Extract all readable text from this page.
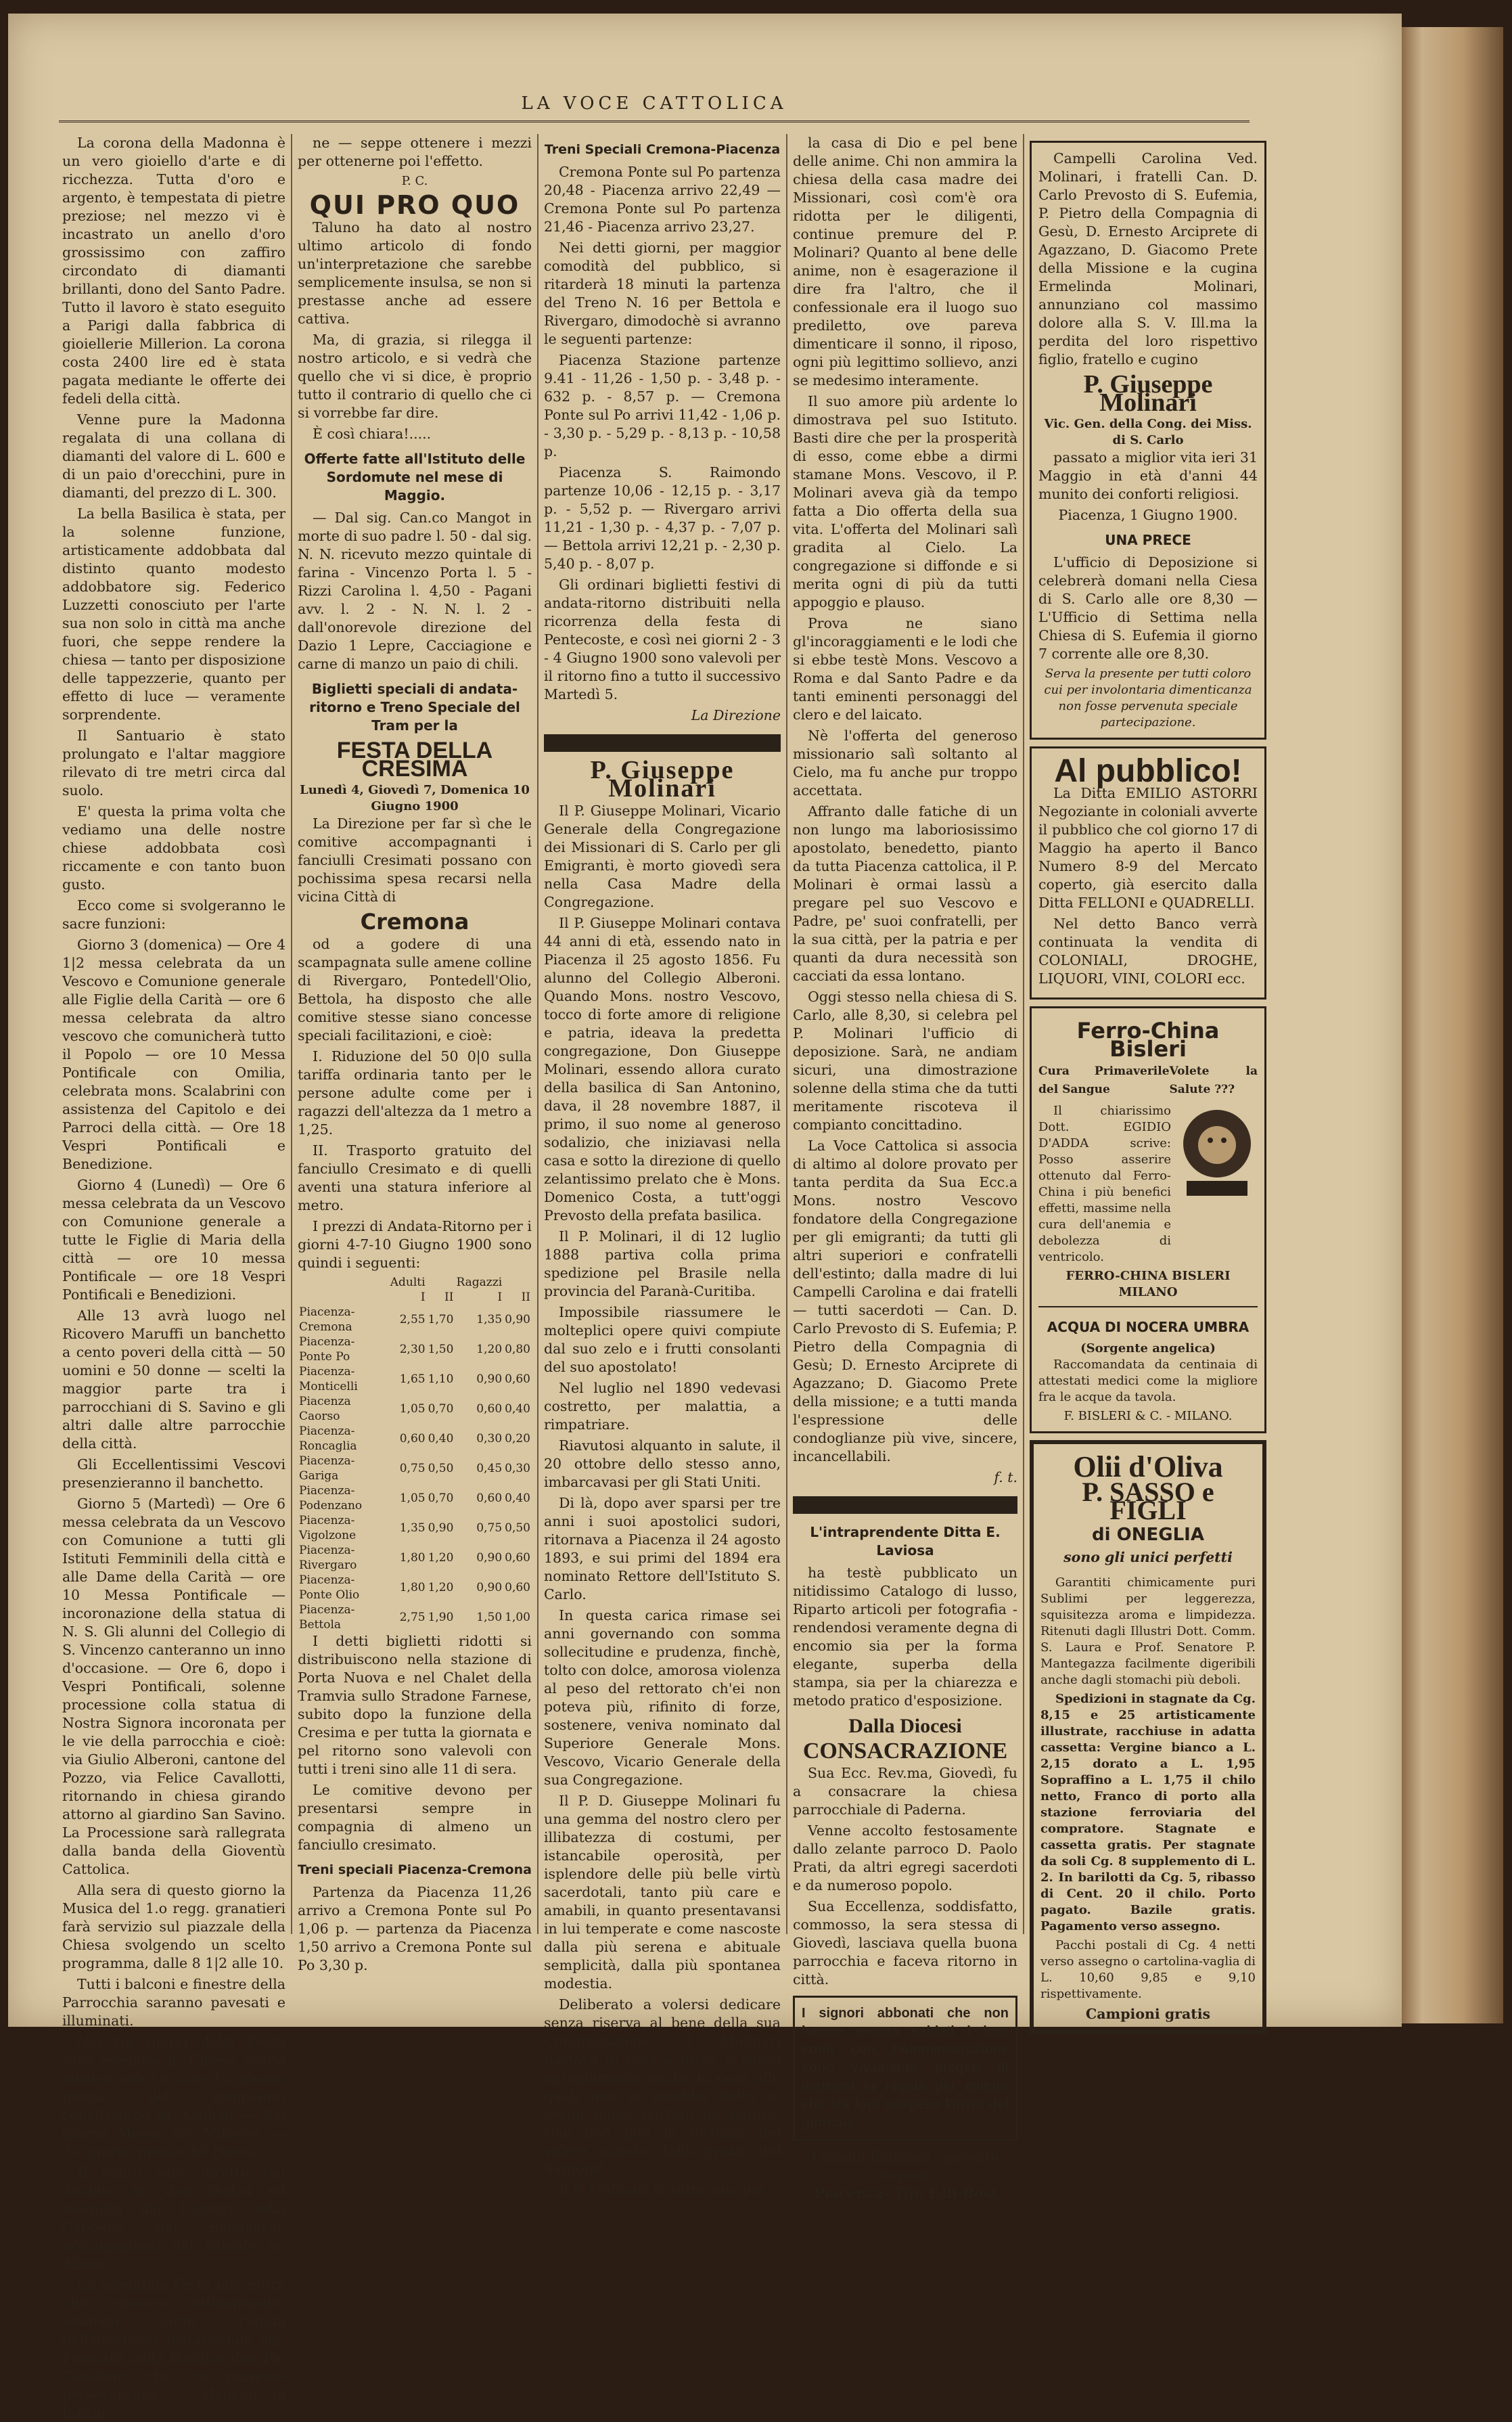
LA VOCE CATTOLICA

La corona della Madonna è un vero gioiello d'arte e di ricchezza. Tutta d'oro e argento, è tempestata di pietre preziose; nel mezzo vi è incastrato un anello d'oro grossissimo con zaffiro circondato di diamanti brillanti, dono del Santo Padre. Tutto il lavoro è stato eseguito a Parigi dalla fabbrica di gioiellerie Millerion. La corona costa 2400 lire ed è stata pagata mediante le offerte dei fedeli della città.

Venne pure la Madonna regalata di una collana di diamanti del valore di L. 600 e di un paio d'orecchini, pure in diamanti, del prezzo di L. 300.

La bella Basilica è stata, per la solenne funzione, artisticamente addobbata dal distinto quanto modesto addobbatore sig. Federico Luzzetti conosciuto per l'arte sua non solo in città ma anche fuori, che seppe rendere la chiesa — tanto per disposizione delle tappezzerie, quanto per effetto di luce — veramente sorprendente.

Il Santuario è stato prolungato e l'altar maggiore rilevato di tre metri circa dal suolo.

E' questa la prima volta che vediamo una delle nostre chiese addobbata così riccamente e con tanto buon gusto.

Ecco come si svolgeranno le sacre funzioni:

Giorno 3 (domenica) — Ore 4 1|2 messa celebrata da un Vescovo e Comunione generale alle Figlie della Carità — ore 6 messa celebrata da altro vescovo che comunicherà tutto il Popolo — ore 10 Messa Pontificale con Omilia, celebrata mons. Scalabrini con assistenza del Capitolo e dei Parroci della città. — Ore 18 Vespri Pontificali e Benedizione.

Giorno 4 (Lunedì) — Ore 6 messa celebrata da un Vescovo con Comunione generale a tutte le Figlie di Maria della città — ore 10 messa Pontificale — ore 18 Vespri Pontificali e Benedizioni.

Alle 13 avrà luogo nel Ricovero Maruffi un banchetto a cento poveri della città — 50 uomini e 50 donne — scelti la maggior parte tra i parrocchiani di S. Savino e gli altri dalle altre parrocchie della città.

Gli Eccellentissimi Vescovi presenzieranno il banchetto.

Giorno 5 (Martedì) — Ore 6 messa celebrata da un Vescovo con Comunione a tutti gli Istituti Femminili della città e alle Dame della Carità — ore 10 Messa Pontificale — incoronazione della statua di N. S. Gli alunni del Collegio di S. Vincenzo canteranno un inno d'occasione. — Ore 6, dopo i Vespri Pontificali, solenne processione colla statua di Nostra Signora incoronata per le vie della parrocchia e cioè: via Giulio Alberoni, cantone del Pozzo, via Felice Cavallotti, ritornando in chiesa girando attorno al giardino San Savino. La Processione sarà rallegrata dalla banda della Gioventù Cattolica.

Alla sera di questo giorno la Musica del 1.o regg. granatieri farà servizio sul piazzale della Chiesa svolgendo un scelto programma, dalle 8 1|2 alle 10.

Tutti i balconi e finestre della Parrocchia saranno pavesati e illuminati.

Nei tre giorni della Festa sarà eseguita in Chiesa scelta musica sacra e cioè: 1.o giorno messa del compianto concittadino m. Galloni — 2.o giorno Messa del Mitterer — 3.o giorno messa del Perosi.

Il canto sarà diretto dal distinto m. don Dodici ed eseguito dai Cantori della Cappella del Seminario, accompagnati dal valente m. Albasi.

La splendida Festa non potrà che riuscire ottimamente, essendo sotto l'egida dell'indefesso instancabile sig. Prevosto della Basilica don Pio Cassinari, che, con paziente perseveranza — ideando la funzio-

ne — seppe ottenere i mezzi per ottenerne poi l'effetto.

P. C.
QUI PRO QUO

Taluno ha dato al nostro ultimo articolo di fondo un'interpretazione che sarebbe semplicemente insulsa, se non si prestasse anche ad essere cattiva.

Ma, di grazia, si rilegga il nostro articolo, e si vedrà che quello che vi si dice, è proprio tutto il contrario di quello che ci si vorrebbe far dire.

È così chiara!.....

Offerte fatte all'Istituto delle Sordomute nel mese di Maggio.

— Dal sig. Can.co Mangot in morte di suo padre l. 50 - dal sig. N. N. ricevuto mezzo quintale di farina - Vincenzo Porta l. 5 - Rizzi Carolina l. 4,50 - Pagani avv. l. 2 - N. N. l. 2 - dall'onorevole direzione del Dazio 1 Lepre, Cacciagione e carne di manzo un paio di chili.

Biglietti speciali di andata-ritorno e Treno Speciale del Tram per la
FESTA DELLA CRESIMA
Lunedì 4, Giovedì 7, Domenica 10 Giugno 1900

La Direzione per far sì che le comitive accompagnanti i fanciulli Cresimati possano con pochissima spesa recarsi nella vicina Città di

Cremona

od a godere di una scampagnata sulle amene colline di Rivergaro, Pontedell'Olio, Bettola, ha disposto che alle comitive stesse siano concesse speciali facilitazioni, e cioè:

I. Riduzione del 50 0|0 sulla tariffa ordinaria tanto per le persone adulte come per i ragazzi dell'altezza da 1 metro a 1,25.

II. Trasporto gratuito del fanciullo Cresimato e di quelli aventi una statura inferiore al metro.

I prezzi di Andata-Ritorno per i giorni 4-7-10 Giugno 1900 sono quindi i seguenti:

	Adulti		Ragazzi	
	I	II	I	II
Piacenza-Cremona	2,55	1,70	1,35	0,90
Piacenza-Ponte Po	2,30	1,50	1,20	0,80
Piacenza-Monticelli	1,65	1,10	0,90	0,60
Piacenza Caorso	1,05	0,70	0,60	0,40
Piacenza-Roncaglia	0,60	0,40	0,30	0,20
Piacenza-Gariga	0,75	0,50	0,45	0,30
Piacenza-Podenzano	1,05	0,70	0,60	0,40
Piacenza-Vigolzone	1,35	0,90	0,75	0,50
Piacenza-Rivergaro	1,80	1,20	0,90	0,60
Piacenza-Ponte Olio	1,80	1,20	0,90	0,60
Piacenza-Bettola	2,75	1,90	1,50	1,00

I detti biglietti ridotti si distribuiscono nella stazione di Porta Nuova e nel Chalet della Tramvia sullo Stradone Farnese, subito dopo la funzione della Cresima e per tutta la giornata e pel ritorno sono valevoli con tutti i treni sino alle 11 di sera.

Le comitive devono per presentarsi sempre in compagnia di almeno un fanciullo cresimato.

Treni speciali Piacenza-Cremona

Partenza da Piacenza 11,26 arrivo a Cremona Ponte sul Po 1,06 p. — partenza da Piacenza 1,50 arrivo a Cremona Ponte sul Po 3,30 p.

Treni Speciali Cremona-Piacenza

Cremona Ponte sul Po partenza 20,48 - Piacenza arrivo 22,49 — Cremona Ponte sul Po partenza 21,46 - Piacenza arrivo 23,27.

Nei detti giorni, per maggior comodità del pubblico, si ritarderà 18 minuti la partenza del Treno N. 16 per Bettola e Rivergaro, dimodochè si avranno le seguenti partenze:

Piacenza Stazione partenze 9.41 - 11,26 - 1,50 p. - 3,48 p. - 632 p. - 8,57 p. — Cremona Ponte sul Po arrivi 11,42 - 1,06 p. - 3,30 p. - 5,29 p. - 8,13 p. - 10,58 p.

Piacenza S. Raimondo partenze 10,06 - 12,15 p. - 3,17 p. - 5,52 p. — Rivergaro arrivi 11,21 - 1,30 p. - 4,37 p. - 7,07 p. — Bettola arrivi 12,21 p. - 2,30 p. 5,40 p. - 8,07 p.

Gli ordinari biglietti festivi di andata-ritorno distribuiti nella ricorrenza della festa di Pentecoste, e così nei giorni 2 - 3 - 4 Giugno 1900 sono valevoli per il ritorno fino a tutto il successivo Martedì 5.

La Direzione
P. Giuseppe Molinari

Il P. Giuseppe Molinari, Vicario Generale della Congregazione dei Missionari di S. Carlo per gli Emigranti, è morto giovedì sera nella Casa Madre della Congregazione.

Il P. Giuseppe Molinari contava 44 anni di età, essendo nato in Piacenza il 25 agosto 1856. Fu alunno del Collegio Alberoni. Quando Mons. nostro Vescovo, tocco di forte amore di religione e patria, ideava la predetta congregazione, Don Giuseppe Molinari, essendo allora curato della basilica di San Antonino, dava, il 28 novembre 1887, il primo, il suo nome al generoso sodalizio, che iniziavasi nella casa e sotto la direzione di quello zelantissimo prelato che è Mons. Domenico Costa, a tutt'oggi Prevosto della prefata basilica.

Il P. Molinari, il di 12 luglio 1888 partiva colla prima spedizione pel Brasile nella provincia del Paranà-Curitiba.

Impossibile riassumere le molteplici opere quivi compiute dal suo zelo e i frutti consolanti del suo apostolato!

Nel luglio nel 1890 vedevasi costretto, per malattia, a rimpatriare.

Riavutosi alquanto in salute, il 20 ottobre dello stesso anno, imbarcavasi per gli Stati Uniti.

Di là, dopo aver sparsi per tre anni i suoi apostolici sudori, ritornava a Piacenza il 24 agosto 1893, e sui primi del 1894 era nominato Rettore dell'Istituto S. Carlo.

In questa carica rimase sei anni governando con somma sollecitudine e prudenza, finchè, tolto con dolce, amorosa violenza al peso del rettorato ch'ei non poteva più, rifinito di forze, sostenere, veniva nominato dal Superiore Generale Mons. Vescovo, Vicario Generale della sua Congregazione.

Il P. D. Giuseppe Molinari fu una gemma del nostro clero per illibatezza di costumi, per istancabile operosità, per isplendore delle più belle virtù sacerdotali, tanto più care e amabili, in quanto presentavansi in lui temperate e come nascoste dalla più serena e abituale semplicità, dalla più spontanea modestia.

Deliberato a volersi dedicare senza riserva al bene della sua Congregazione, il Molinari bastava in essa a tutto, e riuscì egregiamente anche in cose alle quali non si sarebbe detto in verun modo portato da natura. Che non può la fortezza del volere aiutato dalla grazia del Signore!

Il P. Molinari fu tutto zelo per

la casa di Dio e pel bene delle anime. Chi non ammira la chiesa della casa madre dei Missionari, così com'è ora ridotta per le diligenti, continue premure del P. Molinari? Quanto al bene delle anime, non è esagerazione il dire fra l'altro, che il confessionale era il luogo suo prediletto, ove pareva dimenticare il sonno, il riposo, ogni più legittimo sollievo, anzi se medesimo interamente.

Il suo amore più ardente lo dimostrava pel suo Istituto. Basti dire che per la prosperità di esso, come ebbe a dirmi stamane Mons. Vescovo, il P. Molinari aveva già da tempo fatta a Dio offerta della sua vita. L'offerta del Molinari salì gradita al Cielo. La congregazione si diffonde e si merita ogni di più da tutti appoggio e plauso.

Prova ne siano gl'incoraggiamenti e le lodi che si ebbe testè Mons. Vescovo a Roma e dal Santo Padre e da tanti eminenti personaggi del clero e del laicato.

Nè l'offerta del generoso missionario salì soltanto al Cielo, ma fu anche pur troppo accettata.

Affranto dalle fatiche di un non lungo ma laboriosissimo apostolato, benedetto, pianto da tutta Piacenza cattolica, il P. Molinari è ormai lassù a pregare pel suo Vescovo e Padre, pe' suoi confratelli, per la sua città, per la patria e per quanti da dura necessità son cacciati da essa lontano.

Oggi stesso nella chiesa di S. Carlo, alle 8,30, si celebra pel P. Molinari l'ufficio di deposizione. Sarà, ne andiam sicuri, una dimostrazione solenne della stima che da tutti meritamente riscoteva il compianto concittadino.

La Voce Cattolica si associa di altimo al dolore provato per tanta perdita da Sua Ecc.a Mons. nostro Vescovo fondatore della Congregazione per gli emigranti; da tutti gli altri superiori e confratelli dell'estinto; dalla madre di lui Campelli Carolina e dai fratelli — tutti sacerdoti — Can. D. Carlo Prevosto di S. Eufemia; P. Pietro della Compagnia di Gesù; D. Ernesto Arciprete di Agazzano; D. Giacomo Prete della missione; e a tutti manda l'espressione delle condoglianze più vive, sincere, incancellabili.

f. t.
L'intraprendente Ditta E. Laviosa

ha testè pubblicato un nitidissimo Catalogo di lusso, Riparto articoli per fotografia - rendendosi veramente degna di encomio sia per la forma elegante, superba della stampa, sia per la chiarezza e metodo pratico d'esposizione.

Dalla Diocesi
CONSACRAZIONE

Sua Ecc. Rev.ma, Giovedì, fu a consacrare la chiesa parrocchiale di Paderna.

Venne accolto festosamente dallo zelante parroco D. Paolo Prati, da altri egregi sacerdoti e da numeroso popolo.

Sua Eccellenza, soddisfatto, commosso, la sera stessa di Giovedì, lasciava quella buona parrocchia e faceva ritorno in città.

I signori abbonati che non hanno ancora saldati i loro conti con l'Amministrazione sono vivamente pregati di mettersi in regola per evitare che sia loro sospeso l'invio del giornale.
Comolli Epimaco - gerente respons.
Piacenza- Tip. F.lli Bosi

Campelli Carolina Ved. Molinari, i fratelli Can. D. Carlo Prevosto di S. Eufemia, P. Pietro della Compagnia di Gesù, D. Ernesto Arciprete di Agazzano, D. Giacomo Prete della Missione e la cugina Ermelinda Molinari, annunziano col massimo dolore alla S. V. Ill.ma la perdita del loro rispettivo figlio, fratello e cugino

P. Giuseppe Molinari
Vic. Gen. della Cong. dei Miss. di S. Carlo

passato a miglior vita ieri 31 Maggio in età d'anni 44 munito dei conforti religiosi.

Piacenza, 1 Giugno 1900.
UNA PRECE

L'ufficio di Deposizione si celebrerà domani nella Ciesa di S. Carlo alle ore 8,30 — L'Ufficio di Settima nella Chiesa di S. Eufemia il giorno 7 corrente alle ore 8,30.

Serva la presente per tutti coloro cui per involontaria dimenticanza non fosse pervenuta speciale partecipazione.
Al pubblico!

La Ditta EMILIO ASTORRI Negoziante in coloniali avverte il pubblico che col giorno 17 di Maggio ha aperto il Banco Numero 8-9 del Mercato coperto, già esercito dalla Ditta FELLONI e QUADRELLI.

Nel detto Banco verrà continuata la vendita di COLONIALI, DROGHE, LIQUORI, VINI, COLORI ecc.

Ferro-China Bisleri
Cura Primaverile del Sangue
Volete la Salute ???

Il chiarissimo Dott. EGIDIO D'ADDA scrive: Posso asserire ottenuto dal Ferro-China i più benefici effetti, massime nella cura dell'anemia e debolezza di ventricolo.

FERRO-CHINA BISLERI MILANO
ACQUA DI NOCERA UMBRA
(Sorgente angelica)

Raccomandata da centinaia di attestati medici come la migliore fra le acque da tavola.

F. BISLERI & C. - MILANO.
Olii d'Oliva
P. SASSO e FIGLI
di ONEGLIA
sono gli unici perfetti

Garantiti chimicamente puri Sublimi per leggerezza, squisitezza aroma e limpidezza. Ritenuti dagli Illustri Dott. Comm. S. Laura e Prof. Senatore P. Mantegazza facilmente digeribili anche dagli stomachi più deboli.

Spedizioni in stagnate da Cg. 8,15 e 25 artisticamente illustrate, racchiuse in adatta cassetta: Vergine bianco a L. 2,15 dorato a L. 1,95 Sopraffino a L. 1,75 il chilo netto, Franco di porto alla stazione ferroviaria del compratore. Stagnate e cassetta gratis. Per stagnate da soli Cg. 8 supplemento di L. 2. In barilotti da Cg. 5, ribasso di Cent. 20 il chilo. Porto pagato. Bazile gratis. Pagamento verso assegno.

Pacchi postali di Cg. 4 netti verso assegno o cartolina-vaglia di L. 10,60 9,85 e 9,10 rispettivamente.

Campioni gratis
